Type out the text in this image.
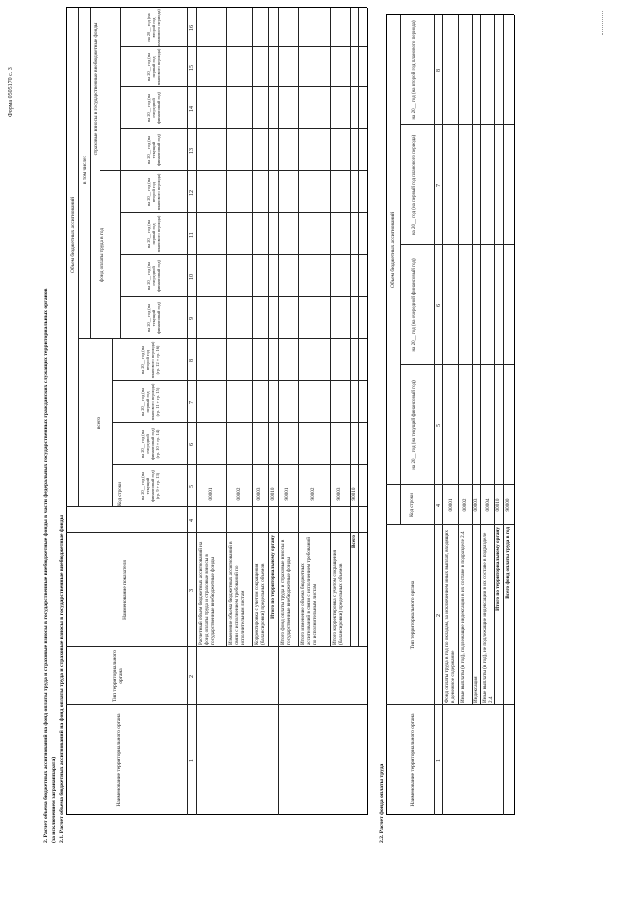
Форма 0505170 с. 3
2. Расчет объема бюджетных ассигнований на фонд оплаты труда и страховые взносы в государственные внебюджетные фонды в части федеральных государственных гражданских служащих территориальных органов (за исключением загранаппарата) 2.1. Расчет объема бюджетных ассигнований на фонд оплаты труда и страховые взносы в государственные внебюджетные фонды	Наименование территориального органа
Тип территориального органа
Наименование показателя
Код строки
Объем бюджетных ассигнований
всего
в том числе:
фонд оплаты труда в год
страховые взносы в государственные внебюджетные фонды
на 20__ год (на текущий финансовый год)
(гр. 9 + гр. 13)
на 20__ год (на очередной финансовый год)
(гр. 10 + гр. 14)
на 20__ год (на первый год планового периода)
(гр. 11 + гр. 15)
на 20__ год (на второй год планового периода)
(гр. 12 + гр. 16)
на 20__ год (на текущий финансовый год)
на 20__ год (на очередной финансовый год)
на 20__ год (на первый год планового периода)
на 20__ год (на второй год планового периода)
на 20__ год (на текущий финансовый год)
на 20__ год (на очередной финансовый год)
на 20__ год (на первый год планового периода)
на 20__ год (на второй год планового периода)
1
2
3
4
5
6
7
8
9
10
11
12
13
14
15
16
Расчетный объем бюджетных ассигнований на фонд оплаты труда и страховые взносы в государственные внебюджетные фонды
00001
Изменение объема бюджетных ассигнований в связи с исполнением требований по исполнительным листам
00002
Корректировка с учетом сокращения (балансировки) предельных объемов
00003
Итого по территориальному органу
00010
Итого фонд оплаты труда и страховые взносы в государственные внебюджетные фонды
90001
Итого изменение объема бюджетных ассигнований в связи с исполнением требований по исполнительным листам
90002
Итого корректировка с учетом сокращения (балансировки) предельных объемов
90003
Всего
90010
2.2. Расчет фонда оплаты труда	Наименование территориального органа
Тип территориального органа
Код строки
Объем бюджетных ассигнований
на 20__ год (на текущий финансовый год)
на 20__ год (на очередной финансовый год)
на 20__ год (на первый год планового периода)
на 20__ год (на второй год планового периода)
1
2
4
5
6
7
8
Фонд оплаты труда в год по окладам, за исключением иных выплат, входящих в денежное содержание
00001
Иные выплаты (в год), подлежащие индексации в их составе в подразделе 2.4
00002
Индексация
00003
Иные выплаты (в год), не подлежащие индексации в их составе в подразделе 2.4
00004
Итого по территориальному органу
00010
Всего фонд оплаты труда в год
90000
